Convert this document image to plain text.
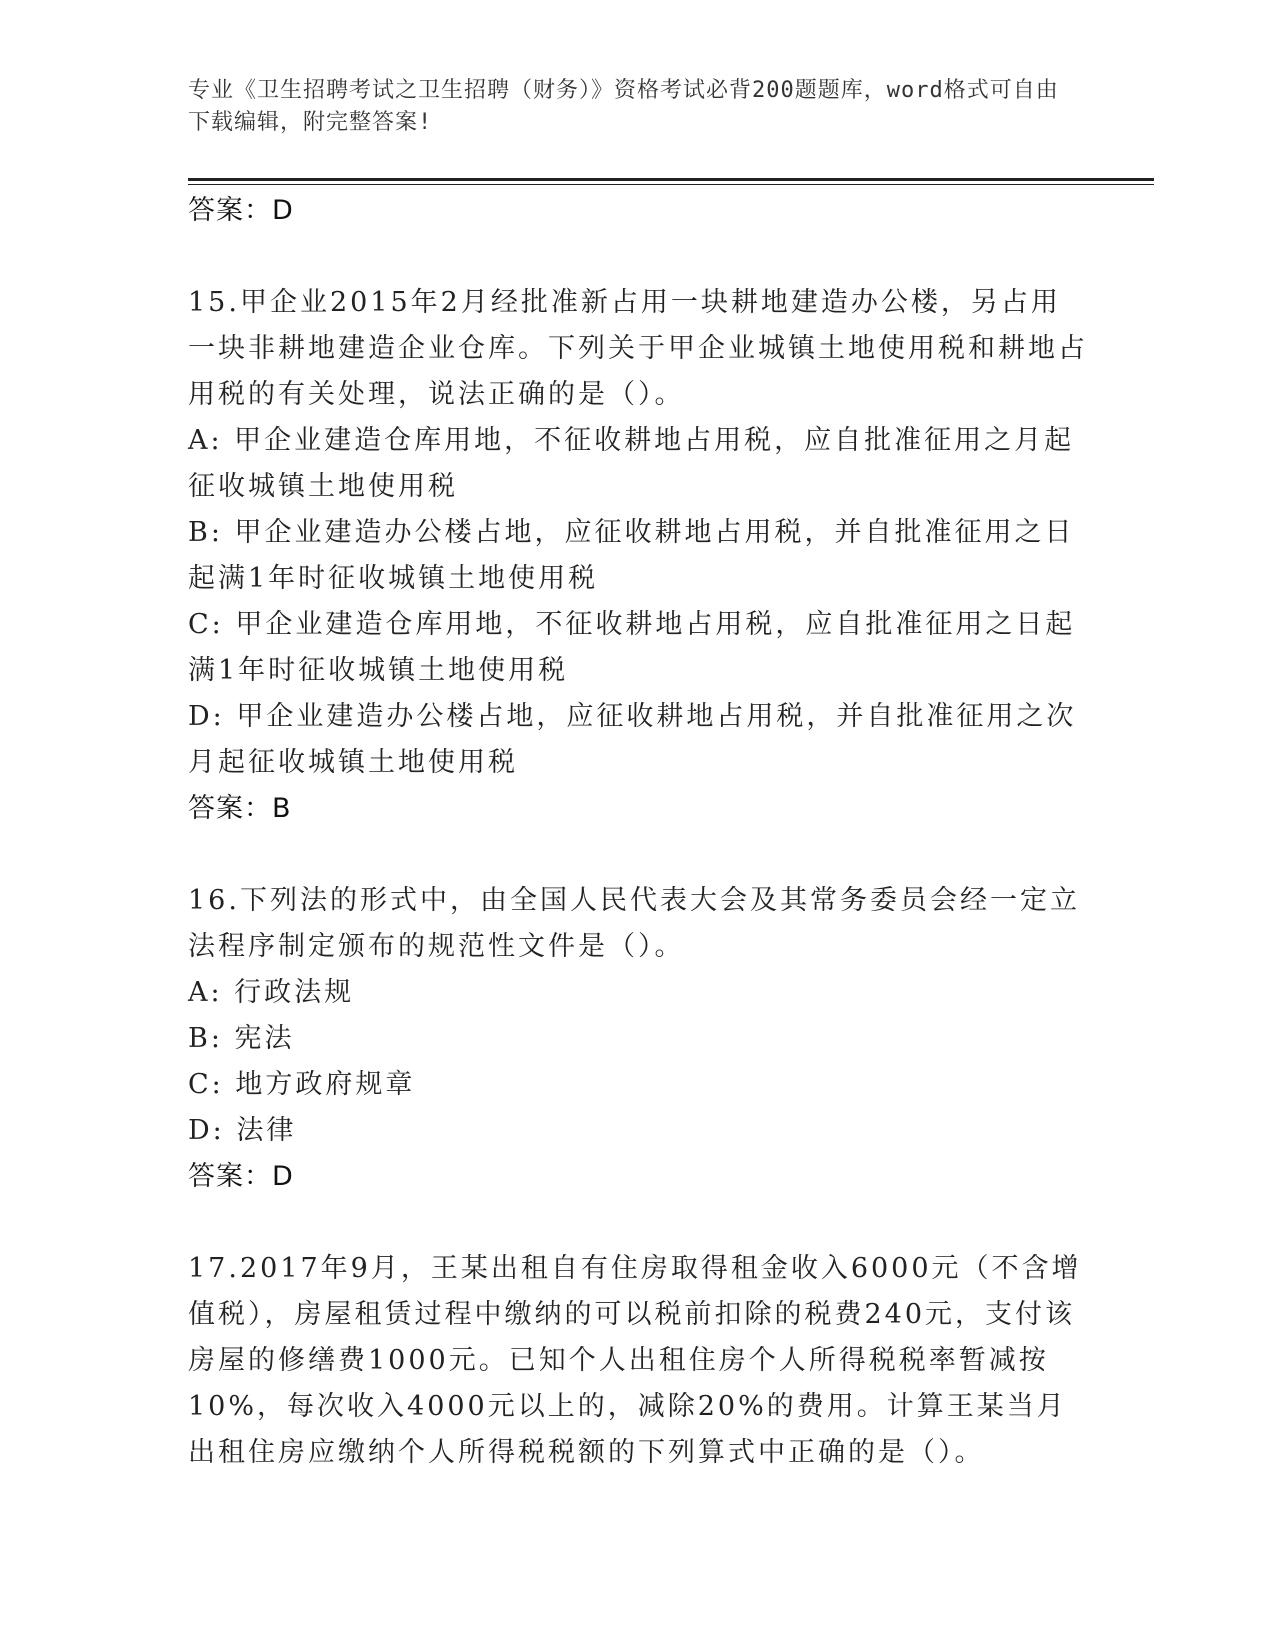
专业《卫生招聘考试之卫生招聘（财务）》资格考试必背200题题库，word格式可自由下载编辑，附完整答案!
答案：D
15.甲企业2015年2月经批准新占用一块耕地建造办公楼，另占用一块非耕地建造企业仓库。下列关于甲企业城镇土地使用税和耕地占用税的有关处理，说法正确的是（）。
A: 甲企业建造仓库用地，不征收耕地占用税，应自批准征用之月起征收城镇土地使用税
B: 甲企业建造办公楼占地，应征收耕地占用税，并自批准征用之日起满1年时征收城镇土地使用税
C: 甲企业建造仓库用地，不征收耕地占用税，应自批准征用之日起满1年时征收城镇土地使用税
D: 甲企业建造办公楼占地，应征收耕地占用税，并自批准征用之次月起征收城镇土地使用税
答案：B
16.下列法的形式中，由全国人民代表大会及其常务委员会经一定立法程序制定颁布的规范性文件是（）。
A: 行政法规
B: 宪法
C: 地方政府规章
D: 法律
答案：D
17.2017年9月，王某出租自有住房取得租金收入6000元（不含增值税），房屋租赁过程中缴纳的可以税前扣除的税费240元，支付该房屋的修缮费1000元。已知个人出租住房个人所得税税率暂减按10%，每次收入4000元以上的，减除20%的费用。计算王某当月出租住房应缴纳个人所得税税额的下列算式中正确的是（）。
